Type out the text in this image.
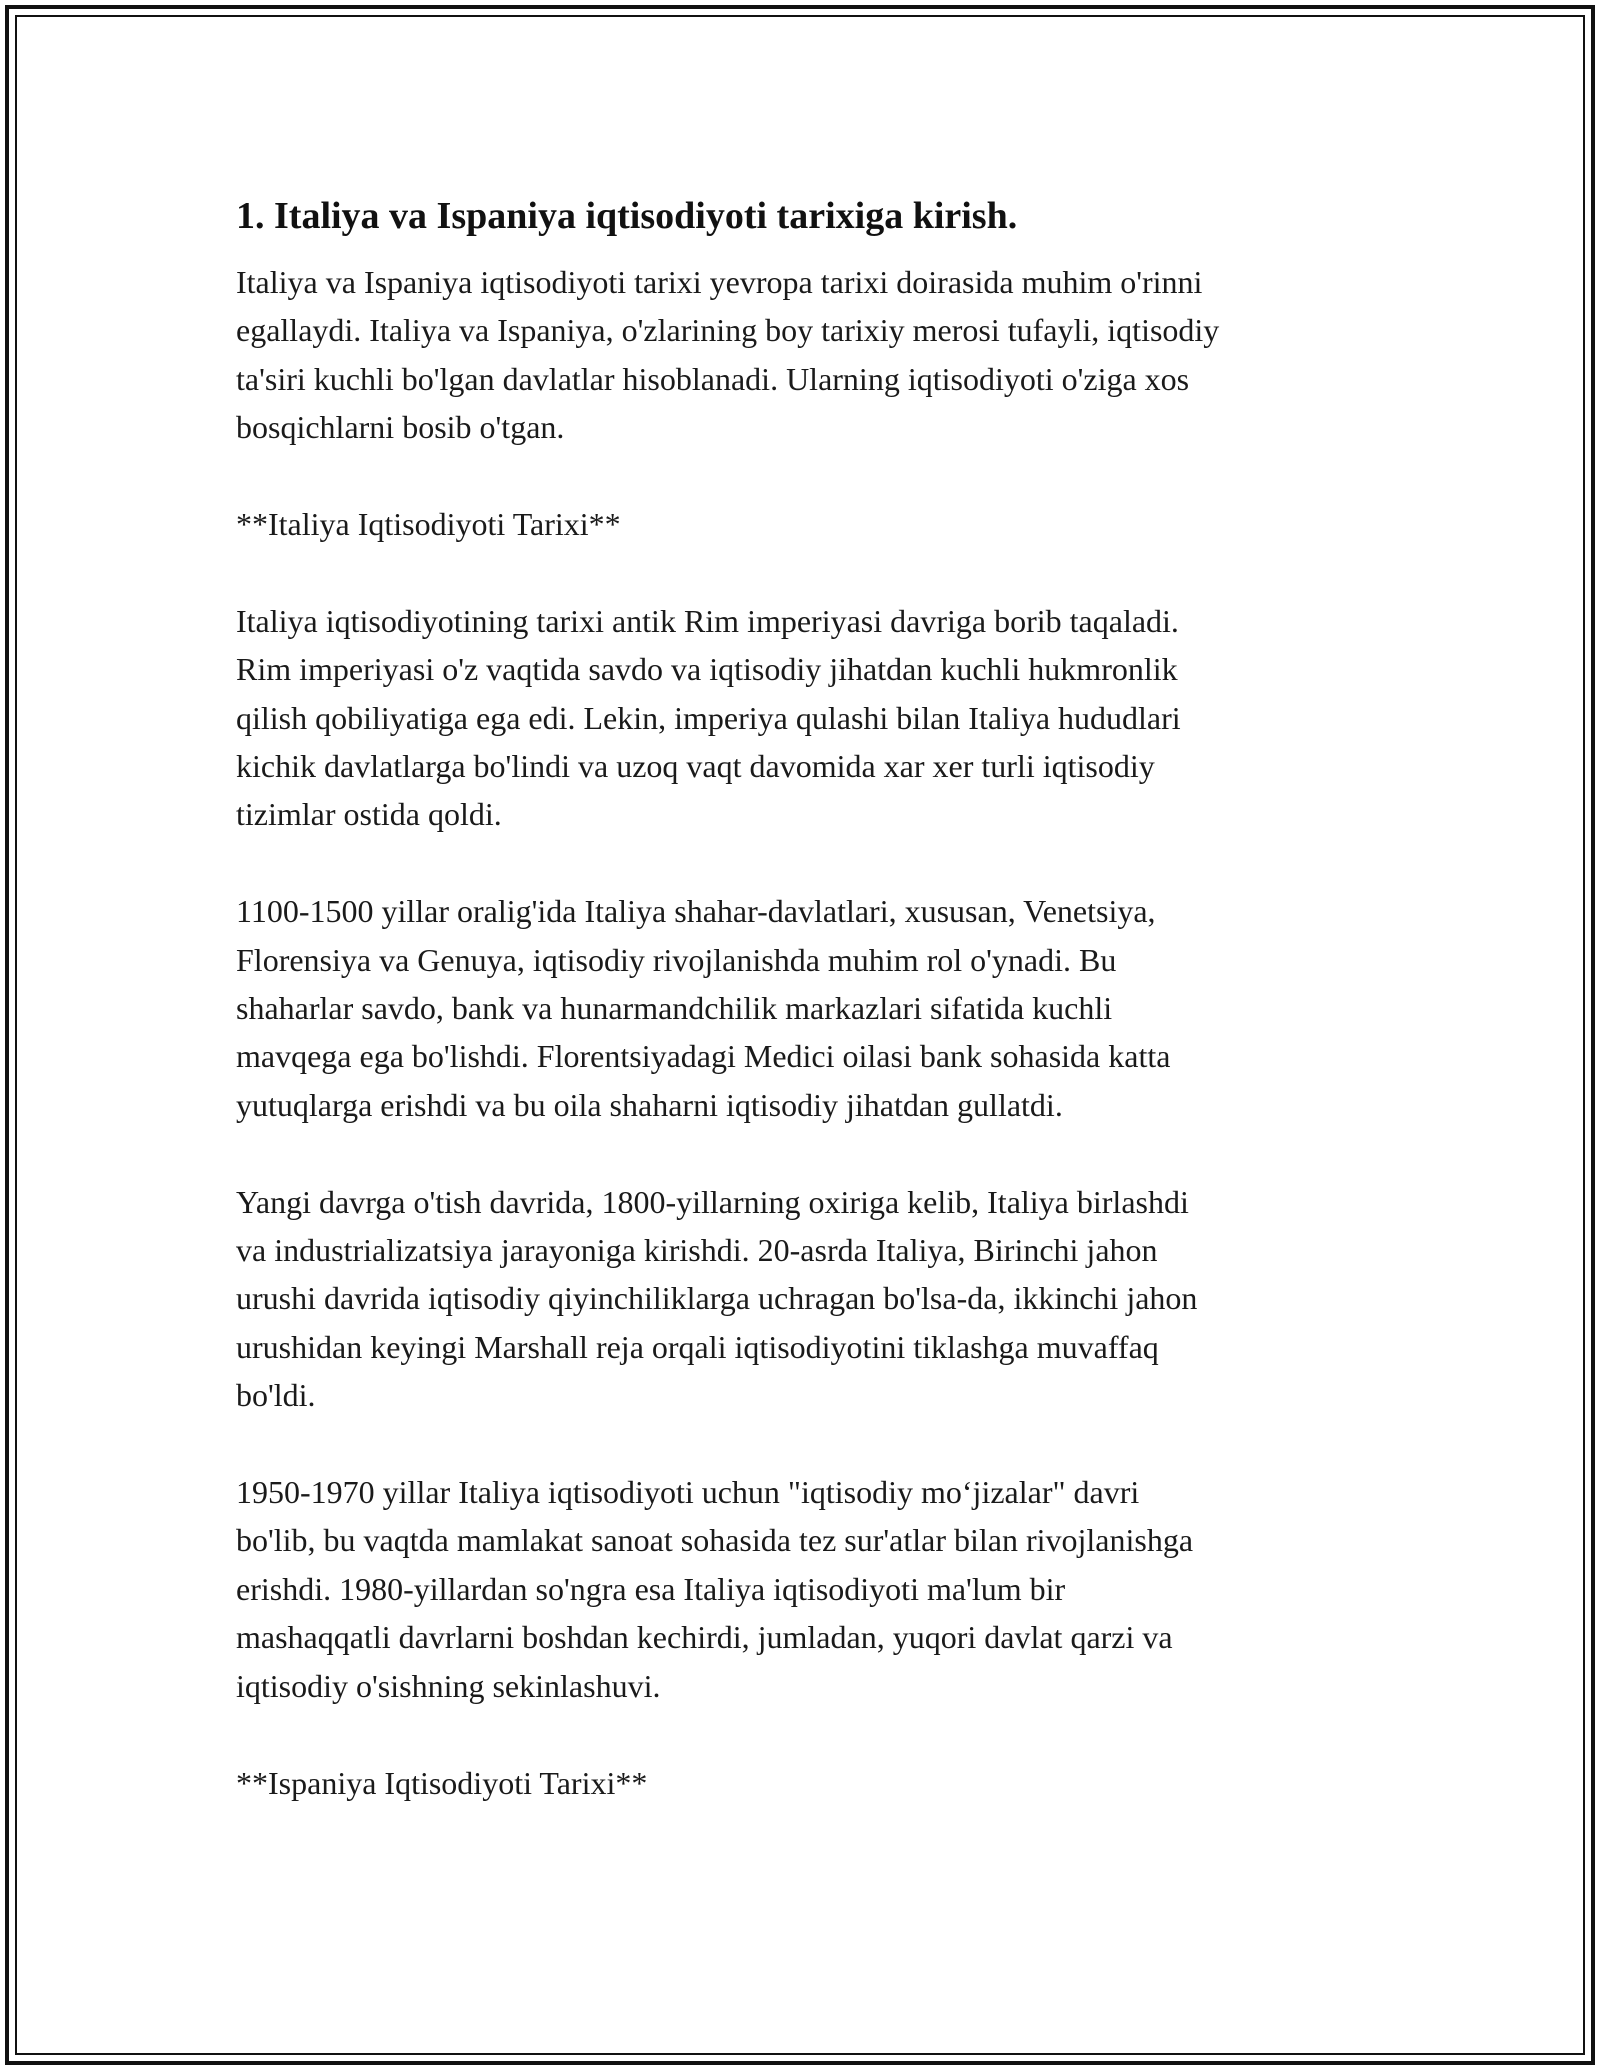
1. Italiya va Ispaniya iqtisodiyoti tarixiga kirish.
Italiya va Ispaniya iqtisodiyoti tarixi yevropa tarixi doirasida muhim o'rinni
egallaydi. Italiya va Ispaniya, o'zlarining boy tarixiy merosi tufayli, iqtisodiy
ta'siri kuchli bo'lgan davlatlar hisoblanadi. Ularning iqtisodiyoti o'ziga xos
bosqichlarni bosib o'tgan.
**Italiya Iqtisodiyoti Tarixi**
Italiya iqtisodiyotining tarixi antik Rim imperiyasi davriga borib taqaladi.
Rim imperiyasi o'z vaqtida savdo va iqtisodiy jihatdan kuchli hukmronlik
qilish qobiliyatiga ega edi. Lekin, imperiya qulashi bilan Italiya hududlari
kichik davlatlarga bo'lindi va uzoq vaqt davomida xar xer turli iqtisodiy
tizimlar ostida qoldi.
1100-1500 yillar oralig'ida Italiya shahar-davlatlari, xususan, Venetsiya,
Florensiya va Genuya, iqtisodiy rivojlanishda muhim rol o'ynadi. Bu
shaharlar savdo, bank va hunarmandchilik markazlari sifatida kuchli
mavqega ega bo'lishdi. Florentsiyadagi Medici oilasi bank sohasida katta
yutuqlarga erishdi va bu oila shaharni iqtisodiy jihatdan gullatdi.
Yangi davrga o'tish davrida, 1800-yillarning oxiriga kelib, Italiya birlashdi
va industrializatsiya jarayoniga kirishdi. 20-asrda Italiya, Birinchi jahon
urushi davrida iqtisodiy qiyinchiliklarga uchragan bo'lsa-da, ikkinchi jahon
urushidan keyingi Marshall reja orqali iqtisodiyotini tiklashga muvaffaq
bo'ldi.
1950-1970 yillar Italiya iqtisodiyoti uchun "iqtisodiy mo‘jizalar" davri
bo'lib, bu vaqtda mamlakat sanoat sohasida tez sur'atlar bilan rivojlanishga
erishdi. 1980-yillardan so'ngra esa Italiya iqtisodiyoti ma'lum bir
mashaqqatli davrlarni boshdan kechirdi, jumladan, yuqori davlat qarzi va
iqtisodiy o'sishning sekinlashuvi.
**Ispaniya Iqtisodiyoti Tarixi**
